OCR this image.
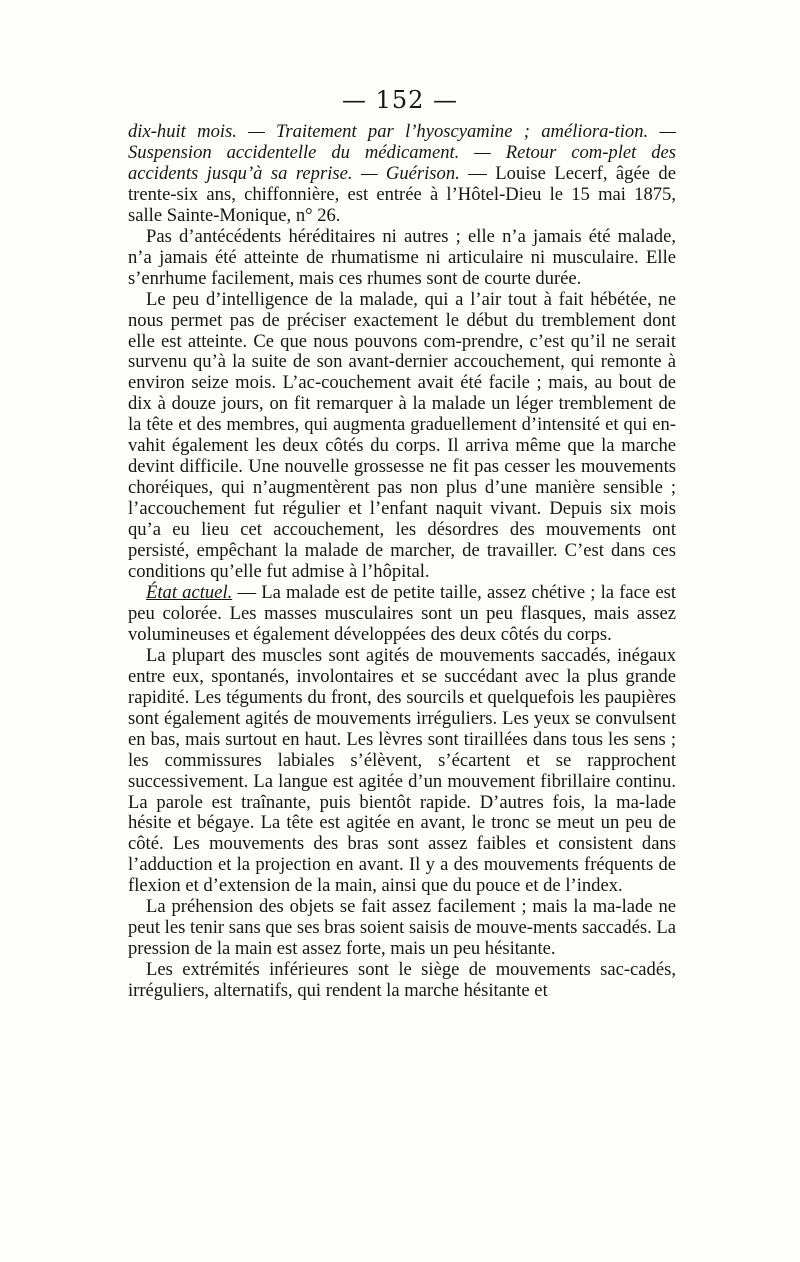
— 152 —

dix-huit mois. — Traitement par l’hyoscyamine ; améliora-tion. — Suspension accidentelle du médicament. — Retour com-plet des accidents jusqu’à sa reprise. — Guérison. — Louise Lecerf, âgée de trente-six ans, chiffonnière, est entrée à l’Hôtel-Dieu le 15 mai 1875, salle Sainte-Monique, n° 26.

Pas d’antécédents héréditaires ni autres ; elle n’a jamais été malade, n’a jamais été atteinte de rhumatisme ni articulaire ni musculaire. Elle s’enrhume facilement, mais ces rhumes sont de courte durée.

Le peu d’intelligence de la malade, qui a l’air tout à fait hébétée, ne nous permet pas de préciser exactement le début du tremblement dont elle est atteinte. Ce que nous pouvons com-prendre, c’est qu’il ne serait survenu qu’à la suite de son avant-dernier accouchement, qui remonte à environ seize mois. L’ac-couchement avait été facile ; mais, au bout de dix à douze jours, on fit remarquer à la malade un léger tremblement de la tête et des membres, qui augmenta graduellement d’intensité et qui en-vahit également les deux côtés du corps. Il arriva même que la marche devint difficile. Une nouvelle grossesse ne fit pas cesser les mouvements choréiques, qui n’augmentèrent pas non plus d’une manière sensible ; l’accouchement fut régulier et l’enfant naquit vivant. Depuis six mois qu’a eu lieu cet accouchement, les désordres des mouvements ont persisté, empêchant la malade de marcher, de travailler. C’est dans ces conditions qu’elle fut admise à l’hôpital.

État actuel. — La malade est de petite taille, assez chétive ; la face est peu colorée. Les masses musculaires sont un peu flasques, mais assez volumineuses et également développées des deux côtés du corps.

La plupart des muscles sont agités de mouvements saccadés, inégaux entre eux, spontanés, involontaires et se succédant avec la plus grande rapidité. Les téguments du front, des sourcils et quelquefois les paupières sont également agités de mouvements irréguliers. Les yeux se convulsent en bas, mais surtout en haut. Les lèvres sont tiraillées dans tous les sens ; les commissures labiales s’élèvent, s’écartent et se rapprochent successivement. La langue est agitée d’un mouvement fibrillaire continu. La parole est traînante, puis bientôt rapide. D’autres fois, la ma-lade hésite et bégaye. La tête est agitée en avant, le tronc se meut un peu de côté. Les mouvements des bras sont assez faibles et consistent dans l’adduction et la projection en avant. Il y a des mouvements fréquents de flexion et d’extension de la main, ainsi que du pouce et de l’index.

La préhension des objets se fait assez facilement ; mais la ma-lade ne peut les tenir sans que ses bras soient saisis de mouve-ments saccadés. La pression de la main est assez forte, mais un peu hésitante.

Les extrémités inférieures sont le siège de mouvements sac-cadés, irréguliers, alternatifs, qui rendent la marche hésitante et
